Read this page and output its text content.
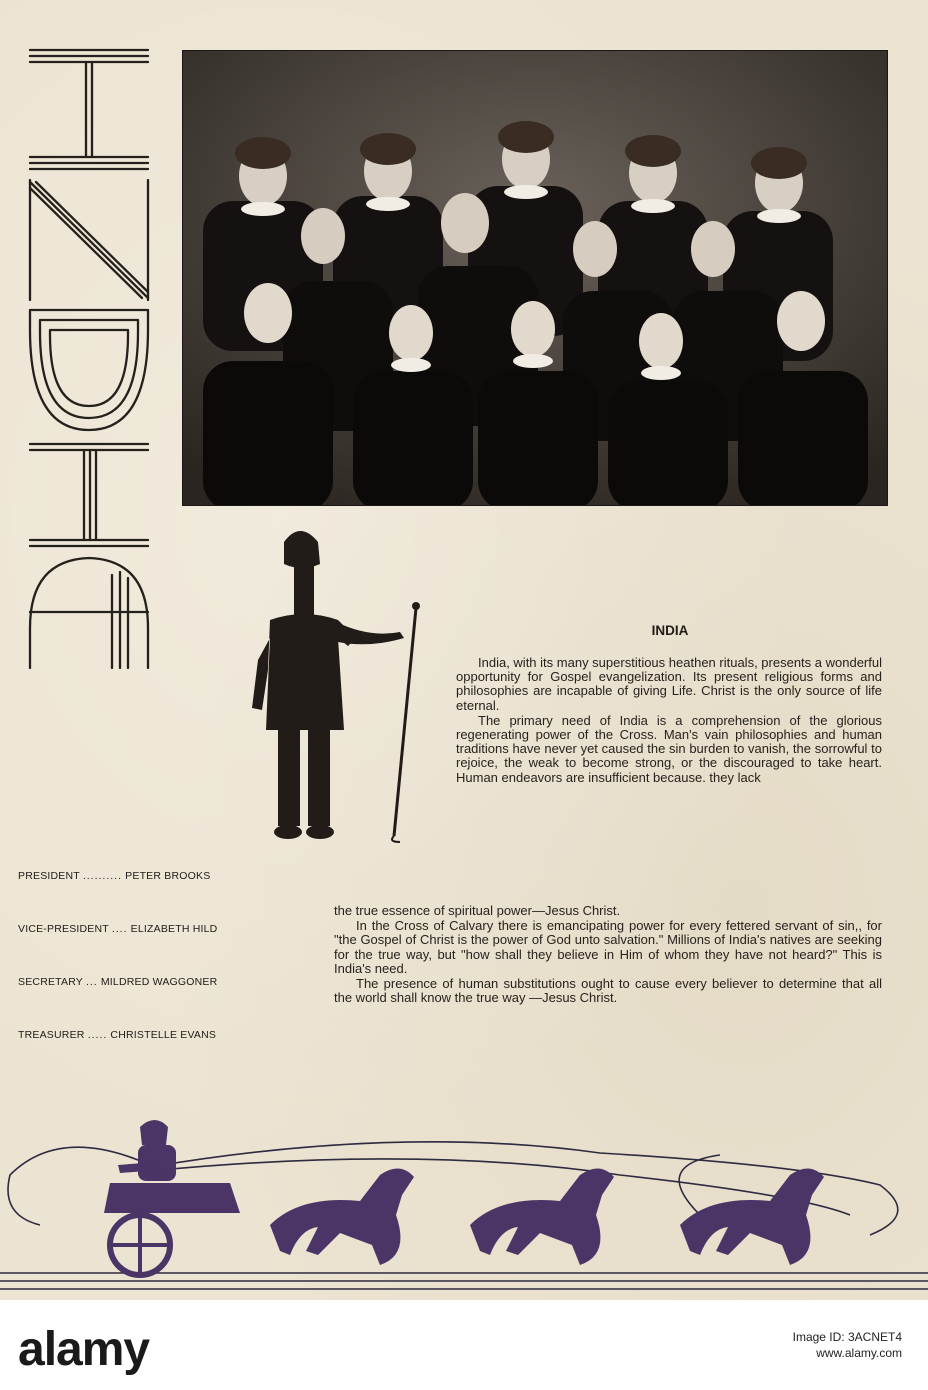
INDIA

India, with its many superstitious heathen rituals, presents a wonderful opportunity for Gospel evangelization. Its present religious forms and philosophies are incapable of giving Life. Christ is the only source of life eternal.

The primary need of India is a comprehension of the glorious regenerating power of the Cross. Man's vain philosophies and human traditions have never yet caused the sin burden to vanish, the sorrowful to rejoice, the weak to become strong, or the discouraged to take heart. Human endeavors are insufficient because. they lack

the true essence of spiritual power—Jesus Christ.

In the Cross of Calvary there is emancipating power for every fettered servant of sin,, for "the Gospel of Christ is the power of God unto salvation." Millions of India's natives are seeking for the true way, but "how shall they believe in Him of whom they have not heard?" This is India's need.

The presence of human substitutions ought to cause every believer to determine that all the world shall know the true way —Jesus Christ.

PRESIDENT .......... PETER BROOKS
VICE-PRESIDENT .... ELIZABETH HILD
SECRETARY ... MILDRED WAGGONER
TREASURER ..... CHRISTELLE EVANS
alamy	Image ID: 3ACNET4
www.alamy.com
